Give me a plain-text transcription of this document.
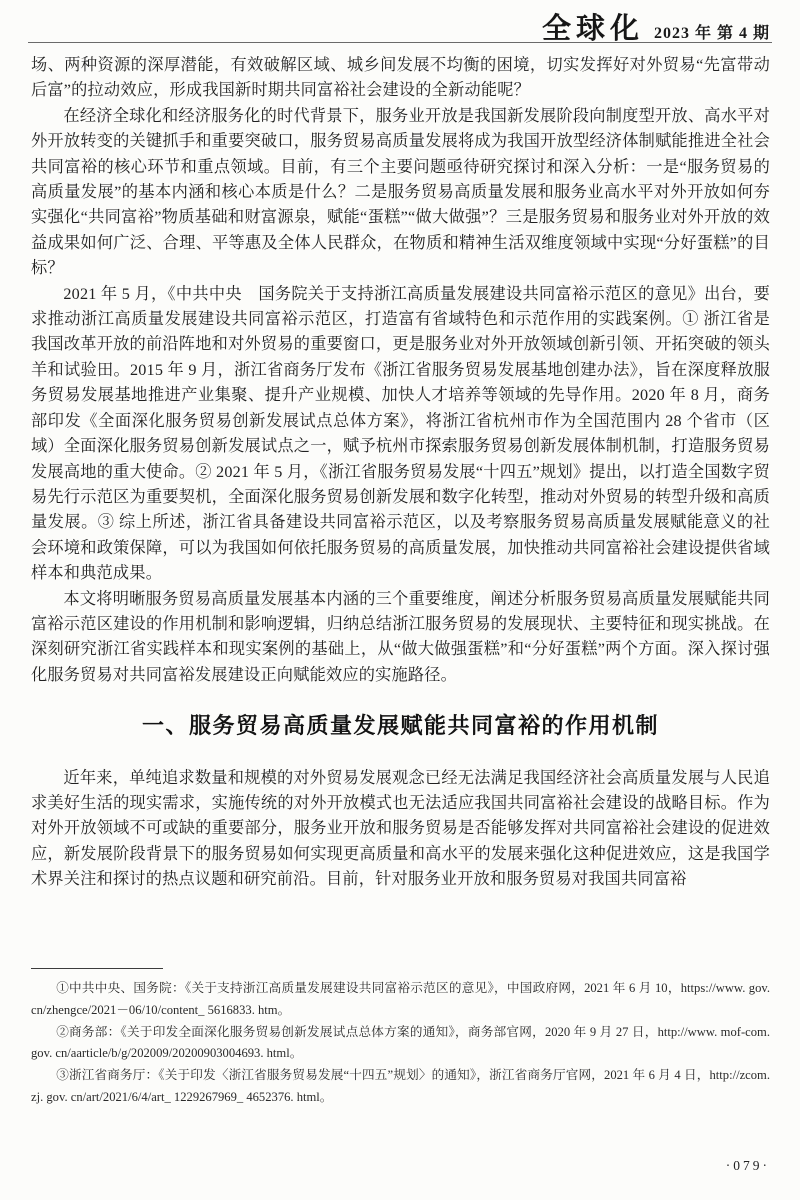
全球化 2023 年 第 4 期

场、两种资源的深厚潜能，有效破解区域、城乡间发展不均衡的困境，切实发挥好对外贸易“先富带动后富”的拉动效应，形成我国新时期共同富裕社会建设的全新动能呢？

在经济全球化和经济服务化的时代背景下，服务业开放是我国新发展阶段向制度型开放、高水平对外开放转变的关键抓手和重要突破口，服务贸易高质量发展将成为我国开放型经济体制赋能推进全社会共同富裕的核心环节和重点领域。目前，有三个主要问题亟待研究探讨和深入分析：一是“服务贸易的高质量发展”的基本内涵和核心本质是什么？二是服务贸易高质量发展和服务业高水平对外开放如何夯实强化“共同富裕”物质基础和财富源泉，赋能“蛋糕”“做大做强”？三是服务贸易和服务业对外开放的效益成果如何广泛、合理、平等惠及全体人民群众，在物质和精神生活双维度领域中实现“分好蛋糕”的目标？

2021 年 5 月，《中共中央　国务院关于支持浙江高质量发展建设共同富裕示范区的意见》出台，要求推动浙江高质量发展建设共同富裕示范区，打造富有省域特色和示范作用的实践案例。① 浙江省是我国改革开放的前沿阵地和对外贸易的重要窗口，更是服务业对外开放领域创新引领、开拓突破的领头羊和试验田。2015 年 9 月，浙江省商务厅发布《浙江省服务贸易发展基地创建办法》，旨在深度释放服务贸易发展基地推进产业集聚、提升产业规模、加快人才培养等领域的先导作用。2020 年 8 月，商务部印发《全面深化服务贸易创新发展试点总体方案》，将浙江省杭州市作为全国范围内 28 个省市（区域）全面深化服务贸易创新发展试点之一，赋予杭州市探索服务贸易创新发展体制机制，打造服务贸易发展高地的重大使命。② 2021 年 5 月，《浙江省服务贸易发展“十四五”规划》提出，以打造全国数字贸易先行示范区为重要契机，全面深化服务贸易创新发展和数字化转型，推动对外贸易的转型升级和高质量发展。③ 综上所述，浙江省具备建设共同富裕示范区，以及考察服务贸易高质量发展赋能意义的社会环境和政策保障，可以为我国如何依托服务贸易的高质量发展，加快推动共同富裕社会建设提供省域样本和典范成果。

本文将明晰服务贸易高质量发展基本内涵的三个重要维度，阐述分析服务贸易高质量发展赋能共同富裕示范区建设的作用机制和影响逻辑，归纳总结浙江服务贸易的发展现状、主要特征和现实挑战。在深刻研究浙江省实践样本和现实案例的基础上，从“做大做强蛋糕”和“分好蛋糕”两个方面。深入探讨强化服务贸易对共同富裕发展建设正向赋能效应的实施路径。

一、服务贸易高质量发展赋能共同富裕的作用机制

近年来，单纯追求数量和规模的对外贸易发展观念已经无法满足我国经济社会高质量发展与人民追求美好生活的现实需求，实施传统的对外开放模式也无法适应我国共同富裕社会建设的战略目标。作为对外开放领域不可或缺的重要部分，服务业开放和服务贸易是否能够发挥对共同富裕社会建设的促进效应，新发展阶段背景下的服务贸易如何实现更高质量和高水平的发展来强化这种促进效应，这是我国学术界关注和探讨的热点议题和研究前沿。目前，针对服务业开放和服务贸易对我国共同富裕

①中共中央、国务院：《关于支持浙江高质量发展建设共同富裕示范区的意见》，中国政府网，2021 年 6 月 10，https://www. gov. cn/zhengce/2021－06/10/content_ 5616833. htm。

②商务部：《关于印发全面深化服务贸易创新发展试点总体方案的通知》，商务部官网，2020 年 9 月 27 日，http://www. mof-com. gov. cn/aarticle/b/g/202009/20200903004693. html。

③浙江省商务厅：《关于印发〈浙江省服务贸易发展“十四五”规划〉的通知》，浙江省商务厅官网，2021 年 6 月 4 日，http://zcom. zj. gov. cn/art/2021/6/4/art_ 1229267969_ 4652376. html。

·079·
